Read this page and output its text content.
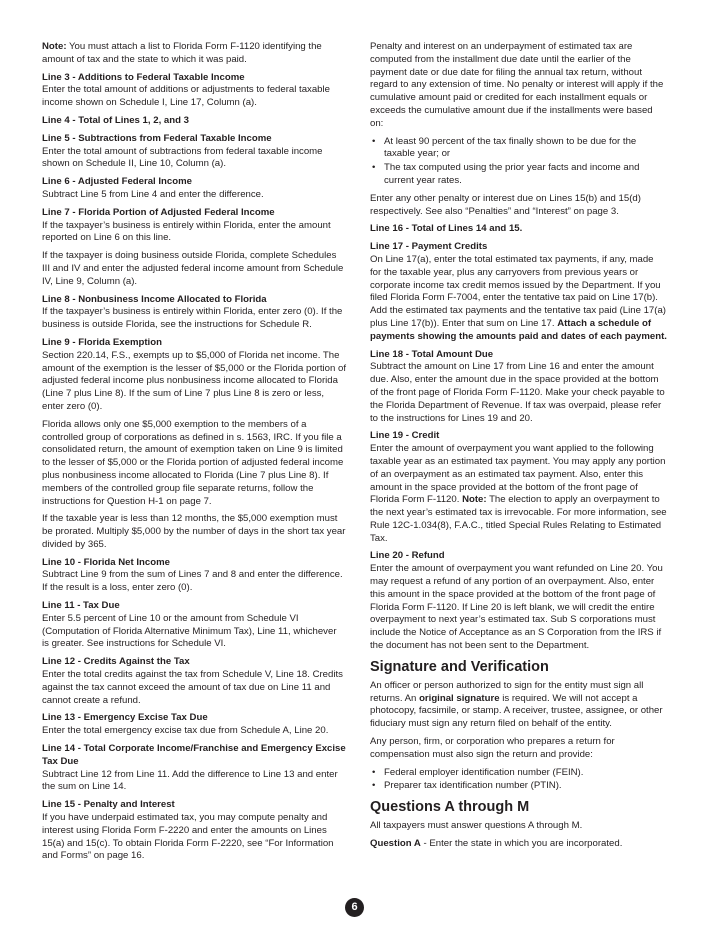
Note: You must attach a list to Florida Form F-1120 identifying the amount of tax and the state to which it was paid.

Line 3 - Additions to Federal Taxable Income
Enter the total amount of additions or adjustments to federal taxable income shown on Schedule I, Line 17, Column (a).

Line 4 - Total of Lines 1, 2, and 3

Line 5 - Subtractions from Federal Taxable Income
Enter the total amount of subtractions from federal taxable income shown on Schedule II, Line 10, Column (a).

Line 6 - Adjusted Federal Income
Subtract Line 5 from Line 4 and enter the difference.

Line 7 - Florida Portion of Adjusted Federal Income
If the taxpayer’s business is entirely within Florida, enter the amount reported on Line 6 on this line.

If the taxpayer is doing business outside Florida, complete Schedules III and IV and enter the adjusted federal income amount from Schedule IV, Line 9, Column (a).

Line 8 - Nonbusiness Income Allocated to Florida
If the taxpayer’s business is entirely within Florida, enter zero (0). If the business is outside Florida, see the instructions for Schedule R.

Line 9 - Florida Exemption
Section 220.14, F.S., exempts up to $5,000 of Florida net income. The amount of the exemption is the lesser of $5,000 or the Florida portion of adjusted federal income plus nonbusiness income allocated to Florida (Line 7 plus Line 8). If the sum of Line 7 plus Line 8 is zero or less, enter zero (0).

Florida allows only one $5,000 exemption to the members of a controlled group of corporations as defined in s. 1563, IRC. If you file a consolidated return, the amount of exemption taken on Line 9 is limited to the lesser of $5,000 or the Florida portion of adjusted federal income plus nonbusiness income allocated to Florida (Line 7 plus Line 8). If members of the controlled group file separate returns, follow the instructions for Question H-1 on page 7.

If the taxable year is less than 12 months, the $5,000 exemption must be prorated. Multiply $5,000 by the number of days in the short tax year divided by 365.

Line 10 - Florida Net Income
Subtract Line 9 from the sum of Lines 7 and 8 and enter the difference. If the result is a loss, enter zero (0).

Line 11 - Tax Due
Enter 5.5 percent of Line 10 or the amount from Schedule VI (Computation of Florida Alternative Minimum Tax), Line 11, whichever is greater. See instructions for Schedule VI.

Line 12 - Credits Against the Tax
Enter the total credits against the tax from Schedule V, Line 18. Credits against the tax cannot exceed the amount of tax due on Line 11 and cannot create a refund.

Line 13 - Emergency Excise Tax Due
Enter the total emergency excise tax due from Schedule A, Line 20.

Line 14 - Total Corporate Income/Franchise and Emergency Excise Tax Due
Subtract Line 12 from Line 11. Add the difference to Line 13 and enter the sum on Line 14.

Line 15 - Penalty and Interest
If you have underpaid estimated tax, you may compute penalty and interest using Florida Form F-2220 and enter the amounts on Lines 15(a) and 15(c). To obtain Florida Form F-2220, see “For Information and Forms” on page 16.

Penalty and interest on an underpayment of estimated tax are computed from the installment due date until the earlier of the payment date or due date for filing the annual tax return, without regard to any extension of time. No penalty or interest will apply if the cumulative amount paid or credited for each installment equals or exceeds the cumulative amount due if the installments were based on:

• At least 90 percent of the tax finally shown to be due for the taxable year; or
• The tax computed using the prior year facts and income and current year rates.

Enter any other penalty or interest due on Lines 15(b) and 15(d) respectively. See also “Penalties” and “Interest” on page 3.

Line 16 - Total of Lines 14 and 15.

Line 17 - Payment Credits
On Line 17(a), enter the total estimated tax payments, if any, made for the taxable year, plus any carryovers from previous years or corporate income tax credit memos issued by the Department. If you filed Florida Form F-7004, enter the tentative tax paid on Line 17(b). Add the estimated tax payments and the tentative tax paid (Line 17(a) plus Line 17(b)). Enter that sum on Line 17. Attach a schedule of payments showing the amounts paid and dates of each payment.

Line 18 - Total Amount Due
Subtract the amount on Line 17 from Line 16 and enter the amount due. Also, enter the amount due in the space provided at the bottom of the front page of Florida Form F-1120. Make your check payable to the Florida Department of Revenue. If tax was overpaid, please refer to the instructions for Lines 19 and 20.

Line 19 - Credit
Enter the amount of overpayment you want applied to the following taxable year as an estimated tax payment. You may apply any portion of an overpayment as an estimated tax payment. Also, enter this amount in the space provided at the bottom of the front page of Florida Form F-1120. Note: The election to apply an overpayment to the next year’s estimated tax is irrevocable. For more information, see Rule 12C-1.034(8), F.A.C., titled Special Rules Relating to Estimated Tax.

Line 20 - Refund
Enter the amount of overpayment you want refunded on Line 20. You may request a refund of any portion of an overpayment. Also, enter this amount in the space provided at the bottom of the front page of Florida Form F-1120. If Line 20 is left blank, we will credit the entire overpayment to next year’s estimated tax. Sub S corporations must include the Notice of Acceptance as an S Corporation from the IRS if the document has not been sent to the Department.

Signature and Verification

An officer or person authorized to sign for the entity must sign all returns. An original signature is required. We will not accept a photocopy, facsimile, or stamp. A receiver, trustee, assignee, or other fiduciary must sign any return filed on behalf of the entity.

Any person, firm, or corporation who prepares a return for compensation must also sign the return and provide:

• Federal employer identification number (FEIN).
• Preparer tax identification number (PTIN).
Questions A through M

All taxpayers must answer questions A through M.

Question A - Enter the state in which you are incorporated.

6
